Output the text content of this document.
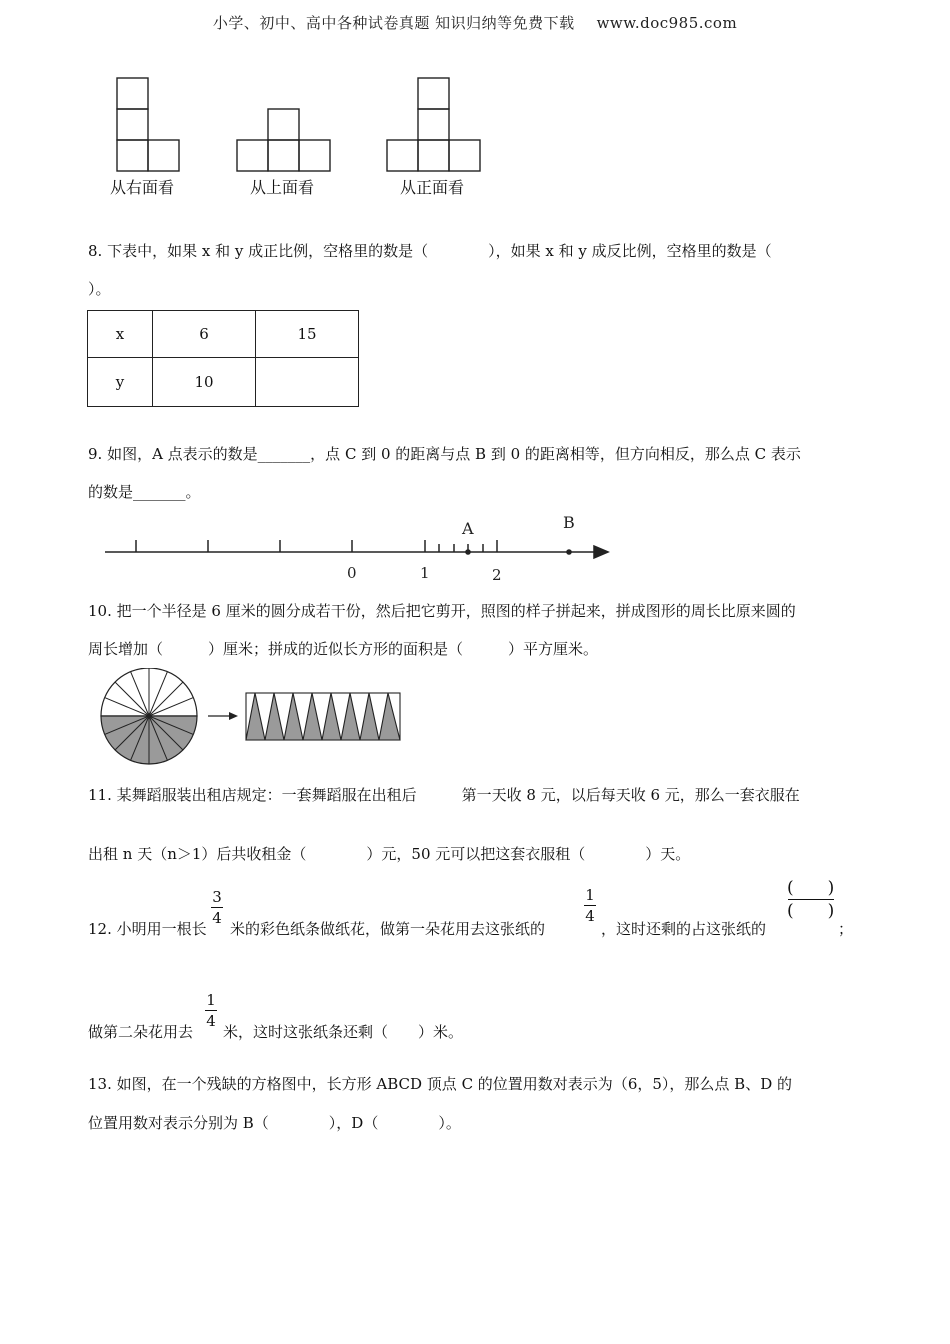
小学、初中、高中各种试卷真题 知识归纳等免费下载 www.doc985.com
从右面看	从上面看	从正面看
8. 下表中，如果 x 和 y 成正比例，空格里的数是（　　　　），如果 x 和 y 成反比例，空格里的数是（
）。
x	6	15
y	10	
9. 如图，A 点表示的数是_______，点 C 到 0 的距离与点 B 到 0 的距离相等，但方向相反，那么点 C 表示
的数是_______。
0	1	2
A	B
10. 把一个半径是 6 厘米的圆分成若干份，然后把它剪开，照图的样子拼起来，拼成图形的周长比原来圆的
周长增加（　　　）厘米；拼成的近似长方形的面积是（　　　）平方厘米。
11. 某舞蹈服装出租店规定：一套舞蹈服在出租后　　　第一天收 8 元，以后每天收 6 元，那么一套衣服在
出租 n 天（n＞1）后共收租金（　　　　）元，50 元可以把这套衣服租（　　　　）天。
12. 小明用一根长
3
4
米的彩色纸条做纸花，做第一朵花用去这张纸的
1
4
，这时还剩的占这张纸的
(　　)
(　　)
；
做第二朵花用去
1
4
米，这时这张纸条还剩（　　）米。
13. 如图，在一个残缺的方格图中，长方形 ABCD 顶点 C 的位置用数对表示为（6，5），那么点 B、D 的
位置用数对表示分别为 B（　　　　），D（　　　　）。
